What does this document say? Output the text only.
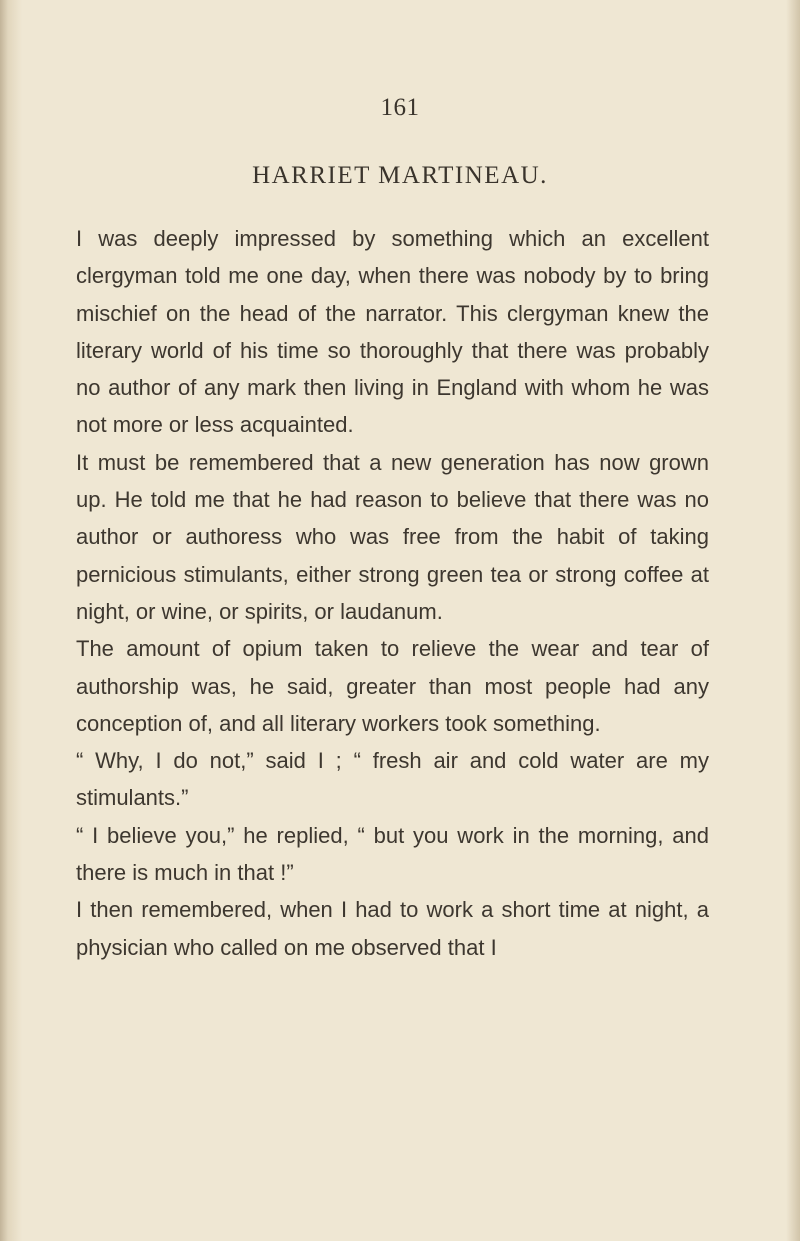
161
HARRIET MARTINEAU.

I was deeply impressed by something which an excellent clergyman told me one day, when there was nobody by to bring mischief on the head of the narrator. This clergyman knew the literary world of his time so thoroughly that there was probably no author of any mark then living in England with whom he was not more or less acquainted.

It must be remembered that a new generation has now grown up. He told me that he had reason to believe that there was no author or authoress who was free from the habit of taking pernicious stimulants, either strong green tea or strong coffee at night, or wine, or spirits, or laudanum.

The amount of opium taken to relieve the wear and tear of authorship was, he said, greater than most people had any conception of, and all literary workers took something.

“ Why, I do not,” said I ; “ fresh air and cold water are my stimulants.”

“ I believe you,” he replied, “ but you work in the morning, and there is much in that !”

I then remembered, when I had to work a short time at night, a physician who called on me observed that I
